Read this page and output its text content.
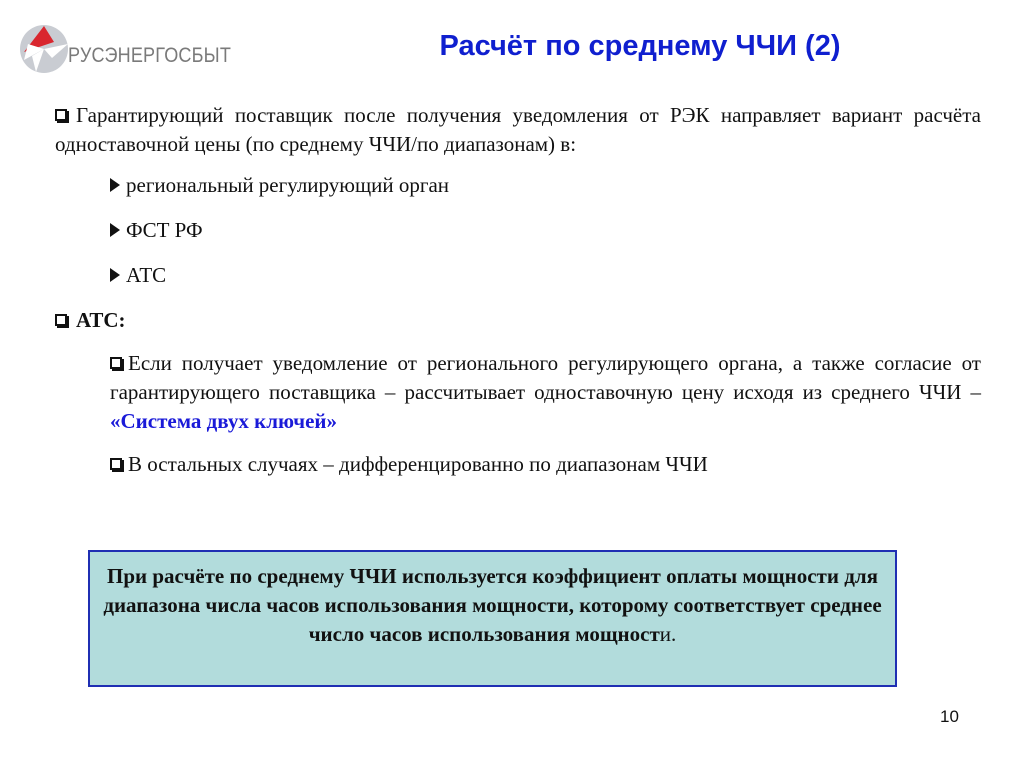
РУСЭНЕРГОСБЫТ	Расчёт по среднему ЧЧИ (2)
Гарантирующий поставщик после получения уведомления от РЭК направляет вариант расчёта одноставочной цены (по среднему ЧЧИ/по диапазонам) в:
региональный регулирующий орган
ФСТ РФ
АТС
АТС:
Если получает уведомление от регионального регулирующего органа, а также согласие от гарантирующего поставщика – рассчитывает одноставочную цену исходя из среднего ЧЧИ – «Система двух ключей»
В остальных случаях – дифференцированно по диапазонам ЧЧИ
При расчёте по среднему ЧЧИ используется коэффициент оплаты мощности для диапазона числа часов использования мощности, которому соответствует среднее число часов использования мощности.
10
